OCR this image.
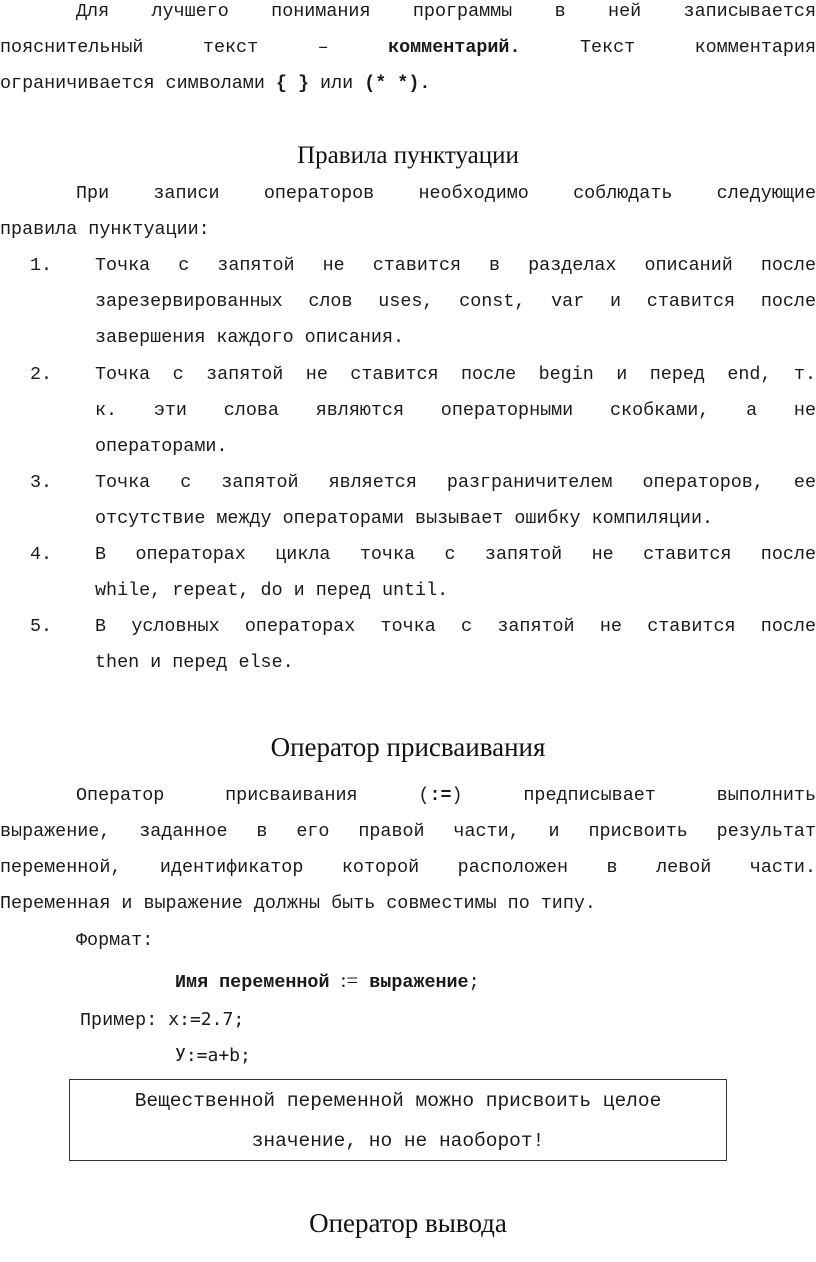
Для лучшего понимания программы в ней записывается
пояснительный текст – комментарий. Текст комментария
ограничивается символами { } или (* *).
Правила пунктуации
При записи операторов необходимо соблюдать следующие
правила пунктуации:
1.	Точка с запятой не ставится в разделах описаний после
зарезервированных слов uses, const, var и ставится после
завершения каждого описания.
2.	Точка с запятой не ставится после begin и перед end, т.
к. эти слова являются операторными скобками, а не
операторами.
3.	Точка с запятой является разграничителем операторов, ее
отсутствие между операторами вызывает ошибку компиляции.
4.	В операторах цикла точка с запятой не ставится после
while, repeat, do и перед until.
5.	В условных операторах точка с запятой не ставится после
then и перед else.
Оператор присваивания
Оператор присваивания (:=) предписывает выполнить
выражение, заданное в его правой части, и присвоить результат
переменной, идентификатор которой расположен в левой части.
Переменная и выражение должны быть совместимы по типу.
Формат:
Имя переменной := выражение;
Пример: x:=2.7;
У:=a+b;
Вещественной переменной можно присвоить целое
значение, но не наоборот!
Оператор вывода
